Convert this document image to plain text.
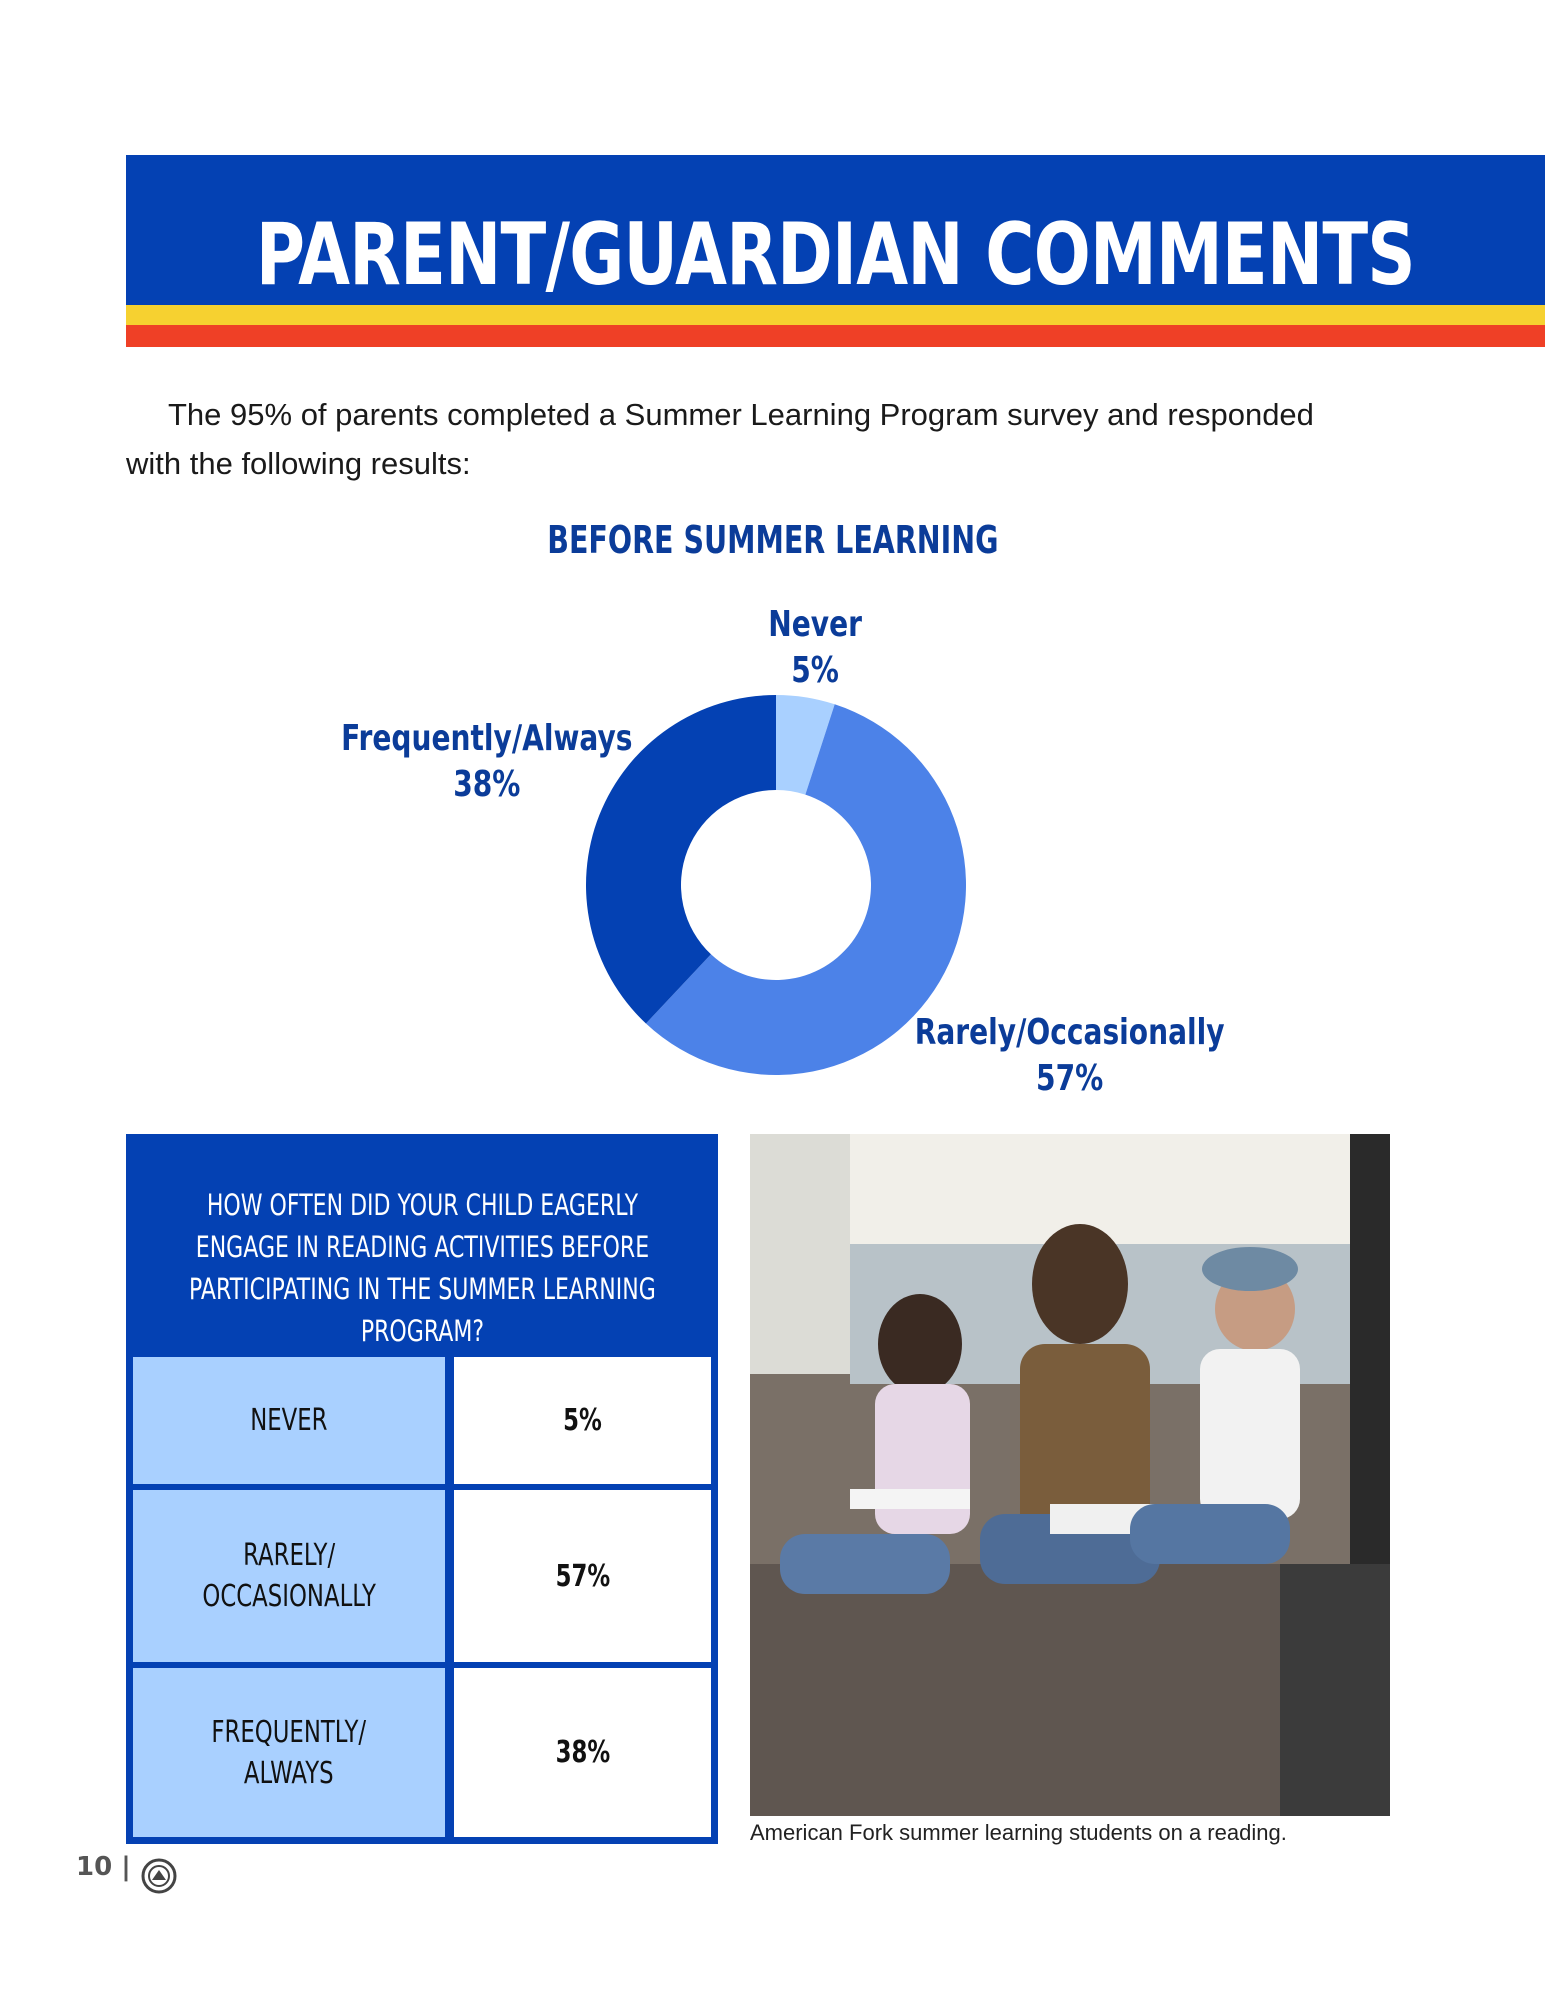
PARENT/GUARDIAN COMMENTS
The 95% of parents completed a Summer Learning Program survey and responded with the following results:
BEFORE SUMMER LEARNING
Never
5%
Rarely/Occasionally
57%
Frequently/Always
38%
HOW OFTEN DID YOUR CHILD EAGERLY ENGAGE IN READING ACTIVITIES BEFORE PARTICIPATING IN THE SUMMER LEARNING PROGRAM?
NEVER	5%
RARELY/
OCCASIONALLY
57%
FREQUENTLY/
ALWAYS
38%
American Fork summer learning students on a reading.
10 |
